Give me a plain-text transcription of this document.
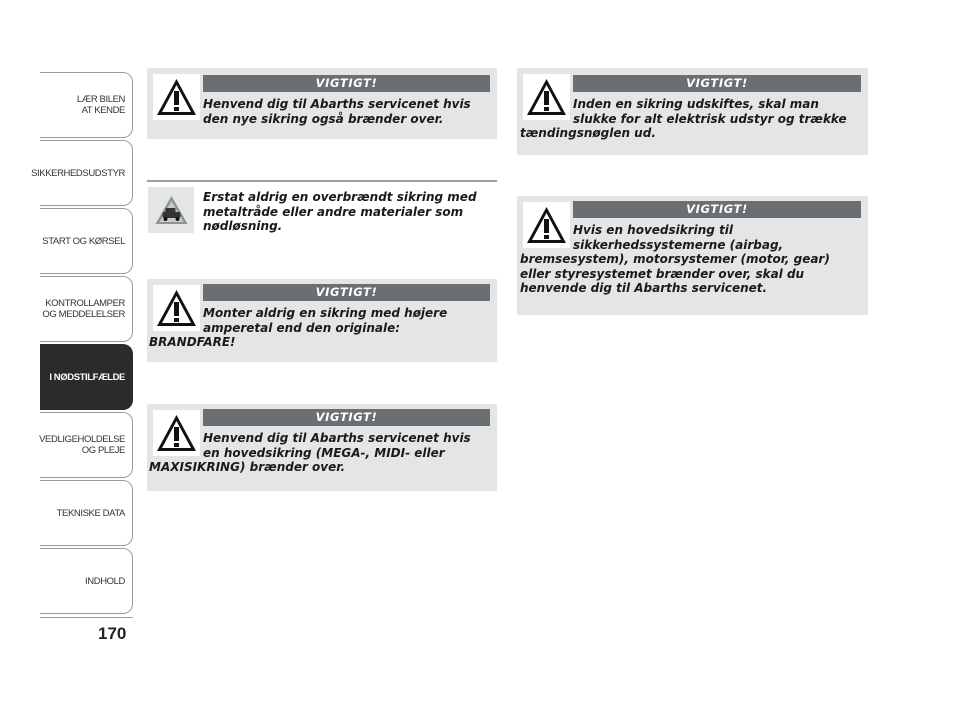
LÆR BILEN
AT KENDE
SIKKERHEDSUDSTYR
START OG KØRSEL
KONTROLLAMPER
OG MEDDELELSER
I NØDSTILFÆLDE
VEDLIGEHOLDELSE
OG PLEJE
TEKNISKE DATA
INDHOLD
170
VIGTIGT!

Henvend dig til Abarths servicenet hvis

den nye sikring også brænder over.

Erstat aldrig en overbrændt sikring med

metaltråde eller andre materialer som

nødløsning.

VIGTIGT!

Monter aldrig en sikring med højere

amperetal end den originale:

BRANDFARE!
VIGTIGT!

Henvend dig til Abarths servicenet hvis

en hovedsikring (MEGA-, MIDI- eller

MAXISIKRING) brænder over.
VIGTIGT!

Inden en sikring udskiftes, skal man

slukke for alt elektrisk udstyr og trække

tændingsnøglen ud.
VIGTIGT!

Hvis en hovedsikring til

sikkerhedssystemerne (airbag,

bremsesystem), motorsystemer (motor, gear)

eller styresystemet brænder over, skal du

henvende dig til Abarths servicenet.
